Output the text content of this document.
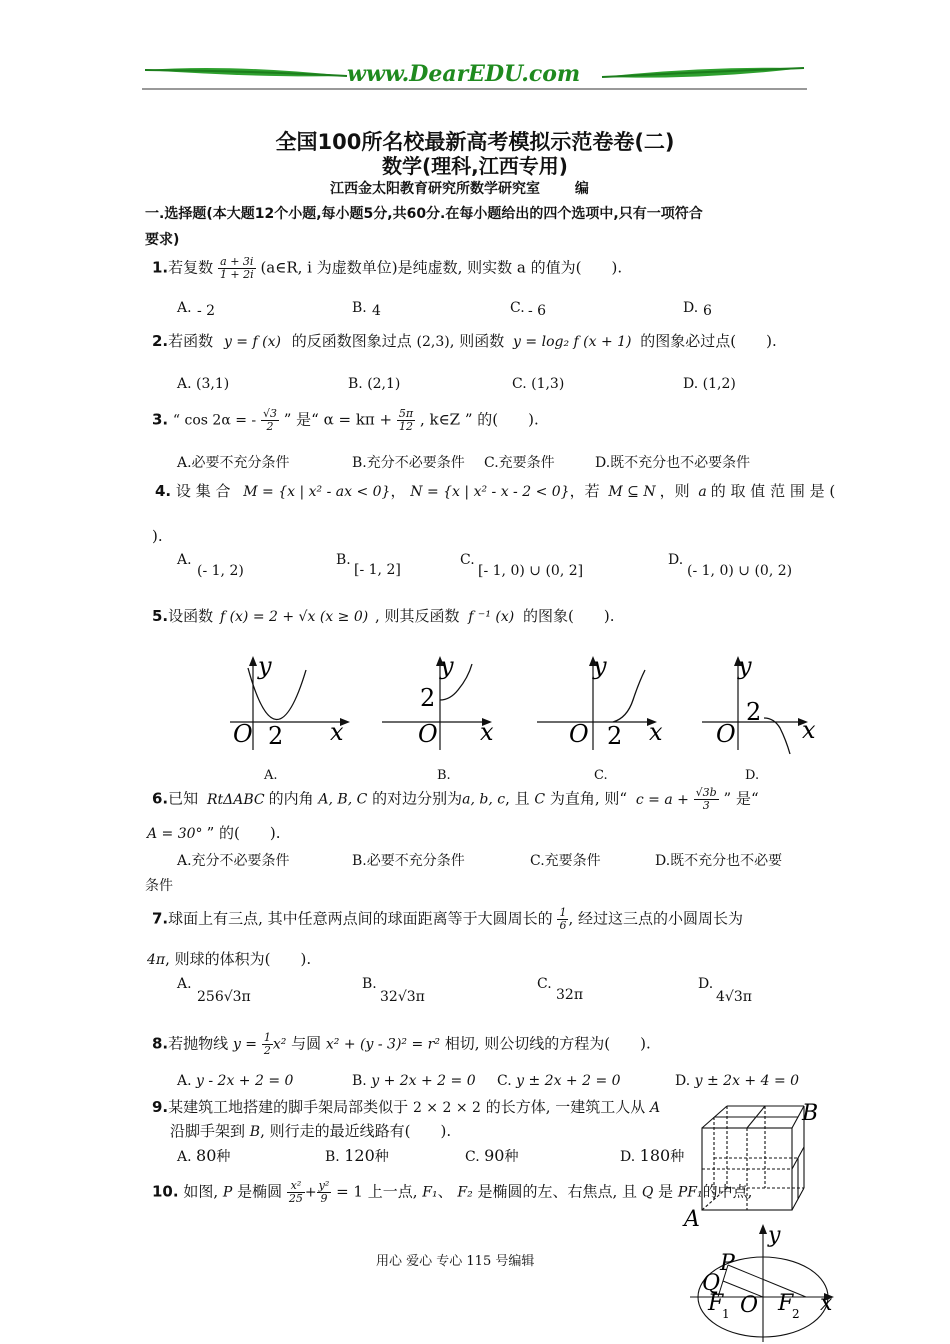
www.DearEDU.com
全国100所名校最新高考模拟示范卷卷(二)
数学(理科,江西专用)
江西金太阳教育研究所数学研究室 编
一.选择题(本大题12个小题,每小题5分,共60分.在每小题给出的四个选项中,只有一项符合
要求)
1.若复数 $\frac{a + 3i}{1 + 2i}$ (a∈R, i 为虚数单位)是纯虚数, 则实数 a 的值为(　　).
A. - 2	B. 4	C. - 6	D. 6
2.若函数 y = f (x) 的反函数图象过点 (2,3), 则函数 y = log₂ f (x + 1) 的图象必过点(　　).
A. (3,1)	B. (2,1)	C. (1,3)	D. (1,2)
3. “ cos 2α = - $\frac{√3}{2}$ ” 是“ $\alpha = k\pi + \frac{5\pi}{12}$ , k∈Z ” 的(　　).
A.必要不充分条件	B.充分不必要条件 C.充要条件	D.既不充分也不必要条件
4. 设 集 合 M = {x | x² - ax < 0}， N = {x | x² - x - 2 < 0}，若 M ⊆ N ，则 a 的 取 值 范 围 是 (
).
A.
(- 1, 2)
B.
[- 1, 2]
C.
[- 1, 0) ∪ (0, 2]
D.
(- 1, 0) ∪ (0, 2)
5.设函数 f (x) = 2 + √x (x ≥ 0) , 则其反函数 f ⁻¹ (x) 的图象(　　).
y
O 2 x
y
2
O x
y
O 2 x
y
2
O	x
A.	B.	C.	D.
6.已知 RtΔABC 的内角 A, B, C 的对边分别为a, b, c, 且 C 为直角, 则“ $c = a + \frac{√3b}{3}$ ” 是“
A = 30° ” 的(　　).
A.充分不必要条件	B.必要不充分条件	C.充要条件	D.既不充分也不必要
条件
7.球面上有三点, 其中任意两点间的球面距离等于大圆周长的 $\frac{1}{6}$ , 经过这三点的小圆周长为
4π, 则球的体积为(　　).
A.
256√3π
B.
32√3π
C.
32π
D.
4√3π
8.若抛物线 $y = \frac{1}{2} x^2$ 与圆 x² + (y - 3)² = r² 相切, 则公切线的方程为(　　).
A. y - 2x + 2 = 0	B. y + 2x + 2 = 0 C. y ± 2x + 2 = 0	D. y ± 2x + 4 = 0
9.某建筑工地搭建的脚手架局部类似于 2 × 2 × 2 的长方体, 一建筑工人从 A
沿脚手架到 B, 则行走的最近线路有(　　).
A. 80种	B. 120种	C. 90种	D. 180种
B
A
10. 如图, P 是椭圆 $\frac{\text{x²}}{25} + \frac{\text{y²}}{9} = 1$ 上一点, F₁、 F₂ 是椭圆的左、右焦点, 且 Q 是 PF₁的中点,
y
x
P
Q
O
F
1 F
2
用心 爱心 专心 115 号编辑
